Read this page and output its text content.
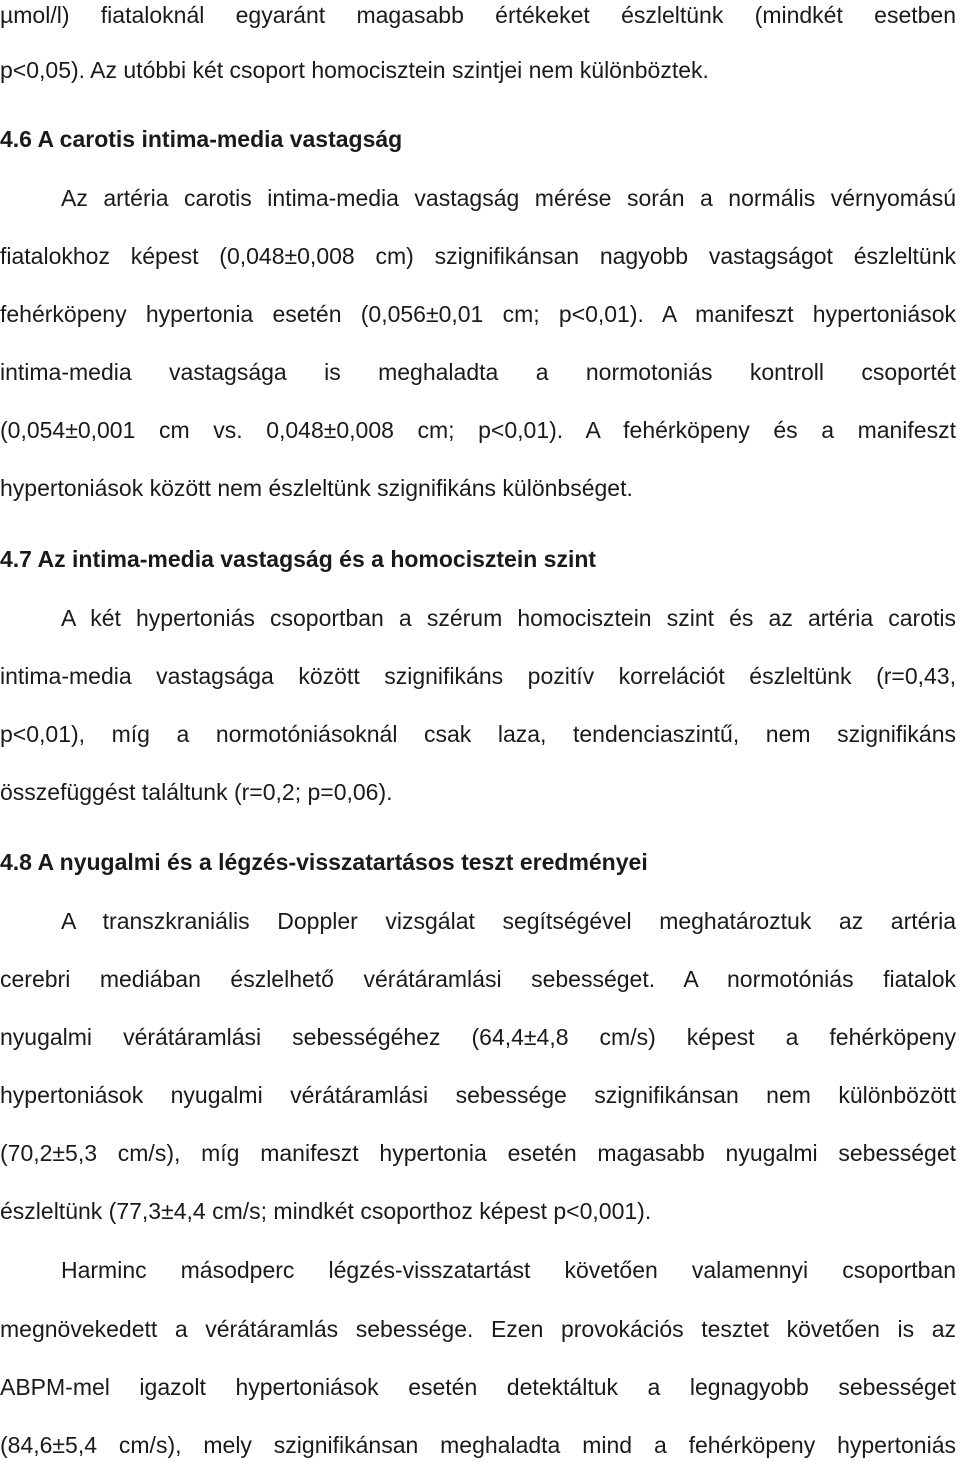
µmol/l) fiataloknál egyaránt magasabb értékeket észleltünk (mindkét esetben
p<0,05). Az utóbbi két csoport homocisztein szintjei nem különböztek.
4.6 A carotis intima-media vastagság
Az artéria carotis intima-media vastagság mérése során a normális vérnyomású
fiatalokhoz képest (0,048±0,008 cm) szignifikánsan nagyobb vastagságot észleltünk
fehérköpeny hypertonia esetén (0,056±0,01 cm; p<0,01). A manifeszt hypertoniások
intima-media vastagsága is meghaladta a normotoniás kontroll csoportét
(0,054±0,001 cm vs. 0,048±0,008 cm; p<0,01). A fehérköpeny és a manifeszt
hypertoniások között nem észleltünk szignifikáns különbséget.
4.7 Az intima-media vastagság és a homocisztein szint
A két hypertoniás csoportban a szérum homocisztein szint és az artéria carotis
intima-media vastagsága között szignifikáns pozitív korrelációt észleltünk (r=0,43,
p<0,01), míg a normotóniásoknál csak laza, tendenciaszintű, nem szignifikáns
összefüggést találtunk (r=0,2; p=0,06).
4.8 A nyugalmi és a légzés-visszatartásos teszt eredményei
A transzkraniális Doppler vizsgálat segítségével meghatároztuk az artéria
cerebri mediában észlelhető vérátáramlási sebességet. A normotóniás fiatalok
nyugalmi vérátáramlási sebességéhez (64,4±4,8 cm/s) képest a fehérköpeny
hypertoniások nyugalmi vérátáramlási sebessége szignifikánsan nem különbözött
(70,2±5,3 cm/s), míg manifeszt hypertonia esetén magasabb nyugalmi sebességet
észleltünk (77,3±4,4 cm/s; mindkét csoporthoz képest p<0,001).
Harminc másodperc légzés-visszatartást követően valamennyi csoportban
megnövekedett a vérátáramlás sebessége. Ezen provokációs tesztet követően is az
ABPM-mel igazolt hypertoniások esetén detektáltuk a legnagyobb sebességet
(84,6±5,4 cm/s), mely szignifikánsan meghaladta mind a fehérköpeny hypertoniás
